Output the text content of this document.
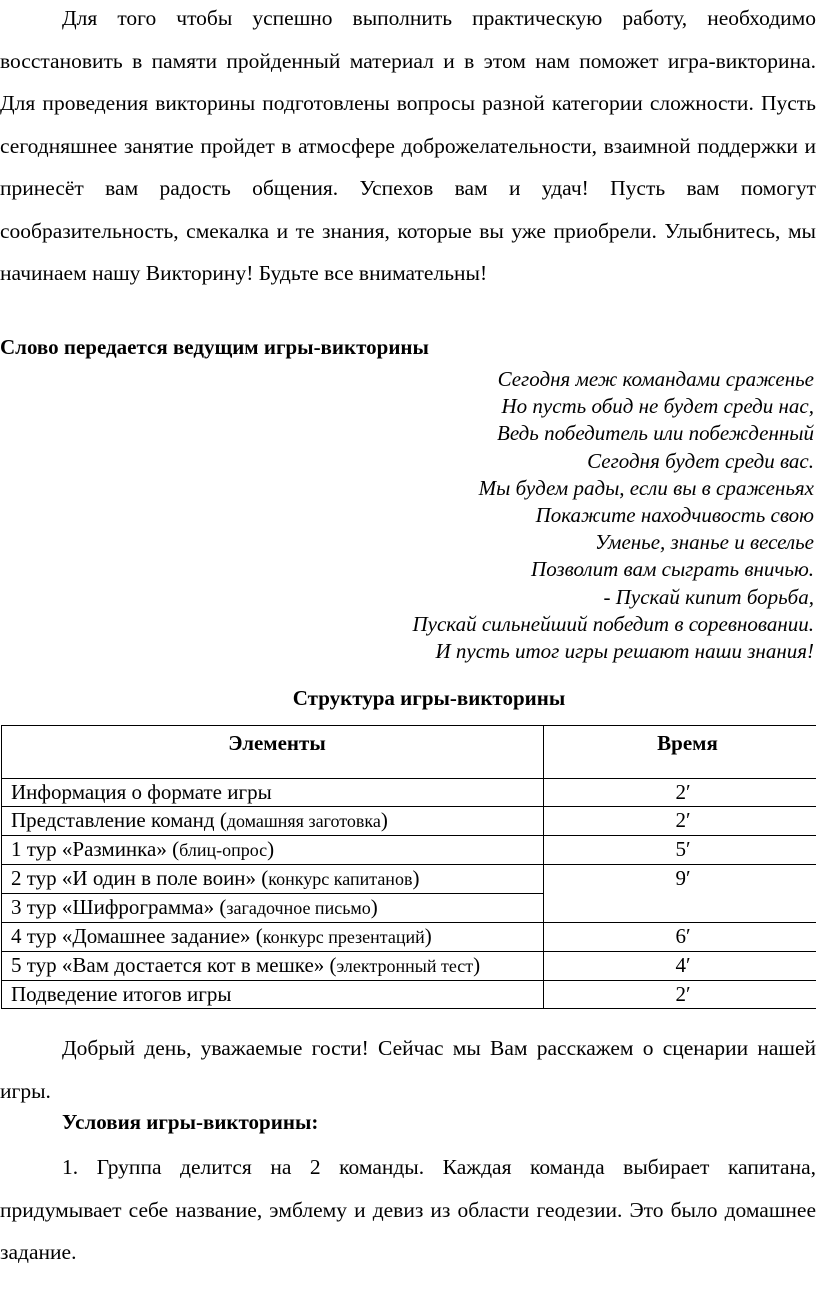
Для того чтобы успешно выполнить практическую работу, необходимо восстановить в памяти пройденный материал и в этом нам поможет игра-викторина. Для проведения викторины подготовлены вопросы разной категории сложности. Пусть сегодняшнее занятие пройдет в атмосфере доброжелательности, взаимной поддержки и принесёт вам радость общения. Успехов вам и удач! Пусть вам помогут сообразительность, смекалка и те знания, которые вы уже приобрели. Улыбнитесь, мы начинаем нашу Викторину! Будьте все внимательны!

Слово передается ведущим игры-викторины

Сегодня меж командами сраженье
Но пусть обид не будет среди нас,
Ведь победитель или побежденный
Сегодня будет среди вас.
Мы будем рады, если вы в сраженьях
Покажите находчивость свою
Уменье, знанье и веселье
Позволит вам сыграть вничью.
- Пускай кипит борьба,
Пускай сильнейший победит в соревновании.
И пусть итог игры решают наши знания!

Структура игры-викторины

Элементы	Время
Информация о формате игры	2′
Представление команд (домашняя заготовка)	2′
1 тур «Разминка» (блиц-опрос)	5′
2 тур «И один в поле воин» (конкурс капитанов)	9′
3 тур «Шифрограмма» (загадочное письмо)	
4 тур «Домашнее задание» (конкурс презентаций)	6′
5 тур «Вам достается кот в мешке» (электронный тест)	4′
Подведение итогов игры	2′

Добрый день, уважаемые гости! Сейчас мы Вам расскажем о сценарии нашей игры.

Условия игры-викторины:

1. Группа делится на 2 команды. Каждая команда выбирает капитана, придумывает себе название, эмблему и девиз из области геодезии. Это было домашнее задание.
